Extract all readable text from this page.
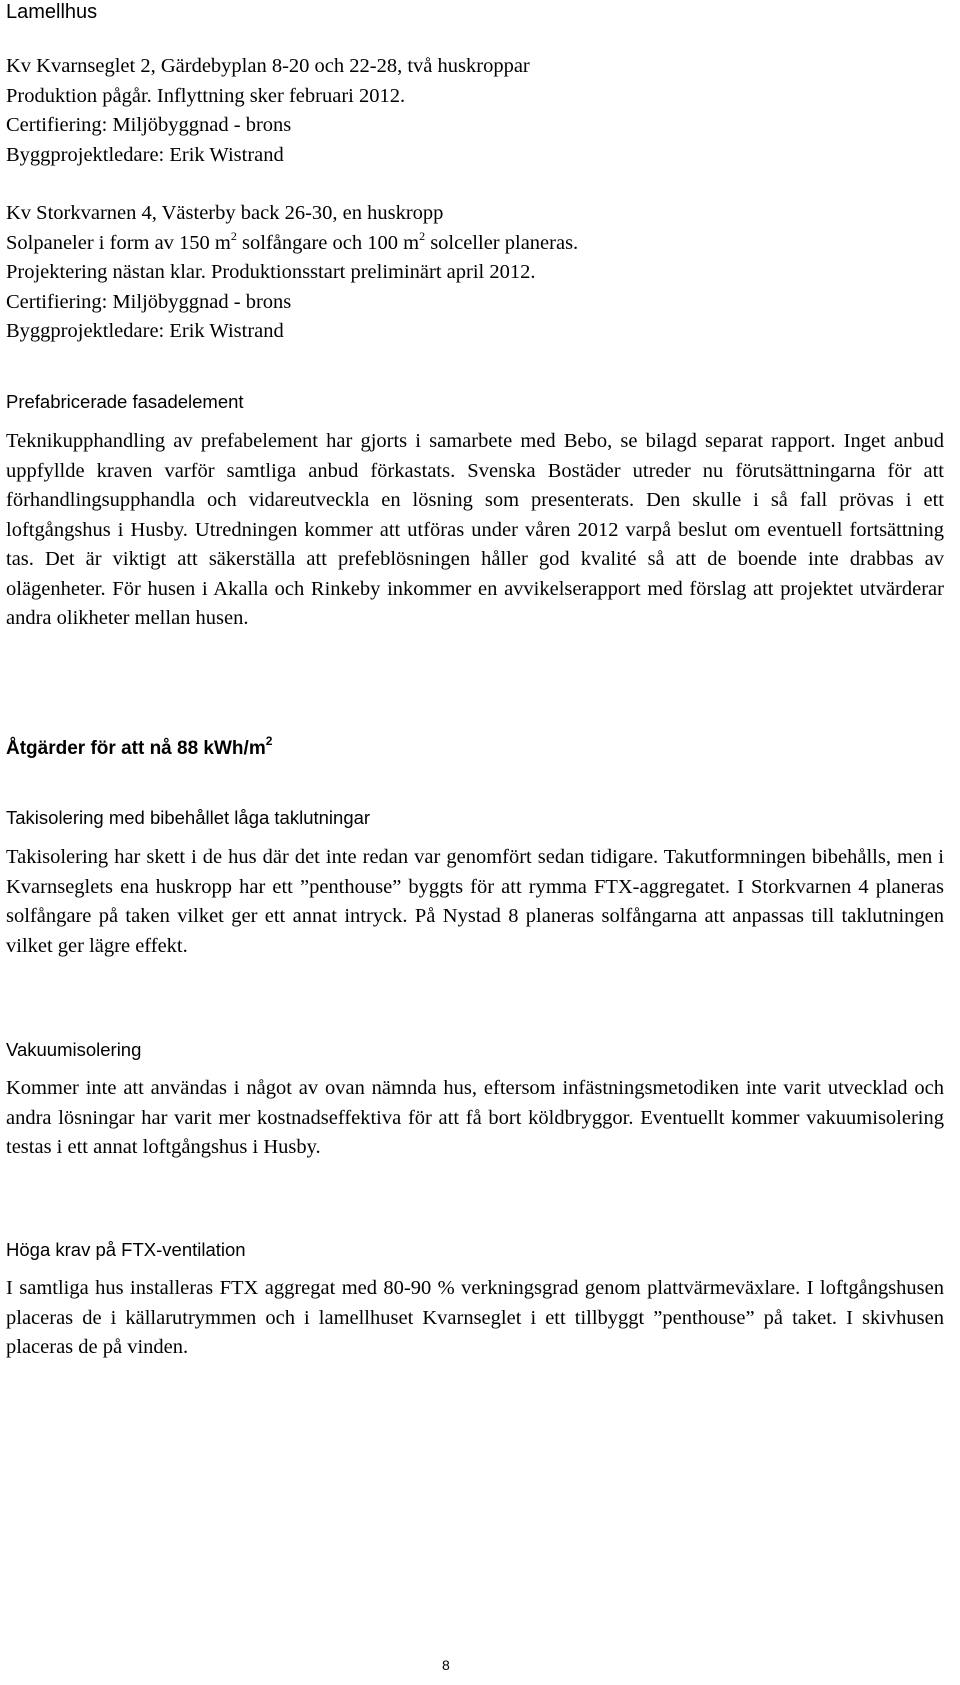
Lamellhus
Kv Kvarnseglet 2, Gärdebyplan 8-20 och 22-28, två huskroppar
Produktion pågår. Inflyttning sker februari 2012.
Certifiering: Miljöbyggnad - brons
Byggprojektledare: Erik Wistrand
Kv Storkvarnen 4, Västerby back 26-30, en huskropp
Solpaneler i form av 150 $m^2$ solfångare och 100 $m^2$ solceller planeras.
Projektering nästan klar. Produktionsstart preliminärt april 2012.
Certifiering: Miljöbyggnad - brons
Byggprojektledare: Erik Wistrand
Prefabricerade fasadelement

Teknikupphandling av prefabelement har gjorts i samarbete med Bebo, se bilagd separat rapport. Inget anbud uppfyllde kraven varför samtliga anbud förkastats. Svenska Bostäder utreder nu förutsättningarna för att förhandlingsupphandla och vidareutveckla en lösning som presenterats. Den skulle i så fall prövas i ett loftgångshus i Husby. Utredningen kommer att utföras under våren 2012 varpå beslut om eventuell fortsättning tas. Det är viktigt att säkerställa att prefeblösningen håller god kvalité så att de boende inte drabbas av olägenheter. För husen i Akalla och Rinkeby inkommer en avvikelserapport med förslag att projektet utvärderar andra olikheter mellan husen.

Åtgärder för att nå 88 kWh/$m^2$
Takisolering med bibehållet låga taklutningar

Takisolering har skett i de hus där det inte redan var genomfört sedan tidigare. Takutformningen bibehålls, men i Kvarnseglets ena huskropp har ett ”penthouse” byggts för att rymma FTX-aggregatet. I Storkvarnen 4 planeras solfångare på taken vilket ger ett annat intryck. På Nystad 8 planeras solfångarna att anpassas till taklutningen vilket ger lägre effekt.

Vakuumisolering

Kommer inte att användas i något av ovan nämnda hus, eftersom infästningsmetodiken inte varit utvecklad och andra lösningar har varit mer kostnadseffektiva för att få bort köldbryggor. Eventuellt kommer vakuumisolering testas i ett annat loftgångshus i Husby.

Höga krav på FTX-ventilation

I samtliga hus installeras FTX aggregat med 80-90 % verkningsgrad genom plattvärmeväxlare. I loftgångshusen placeras de i källarutrymmen och i lamellhuset Kvarnseglet i ett tillbyggt ”penthouse” på taket. I skivhusen placeras de på vinden.

8
